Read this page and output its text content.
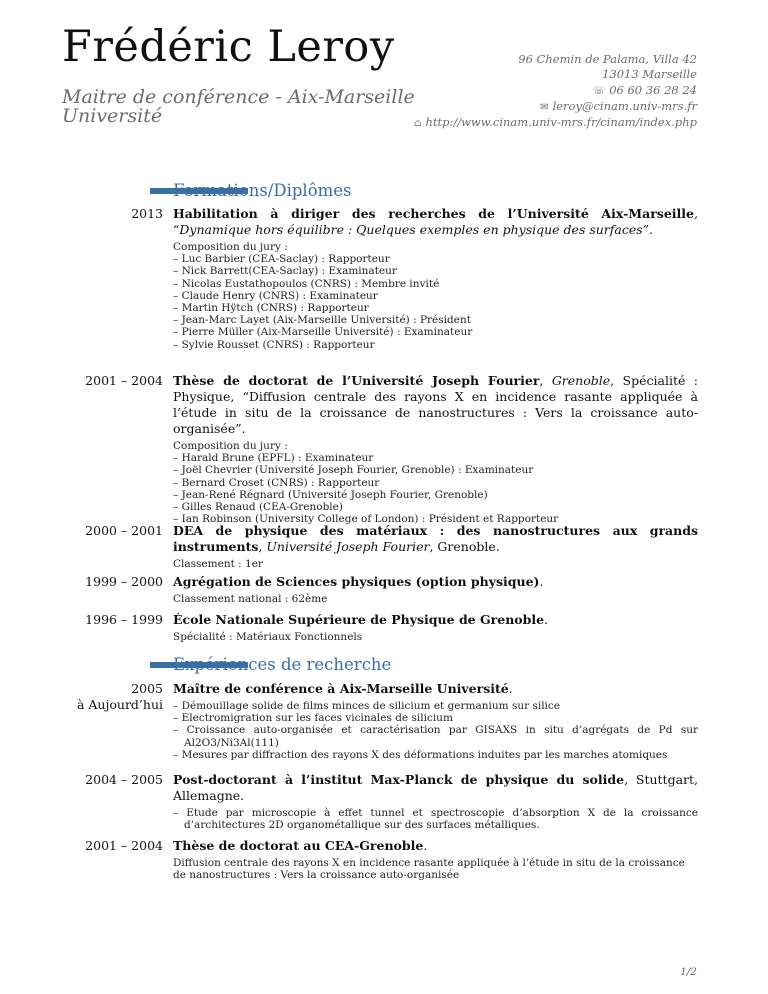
Frédéric Leroy
Maitre de conférence - Aix-Marseille Université
96 Chemin de Palama, Villa 42
13013 Marseille
☏ 06 60 36 28 24
✉ leroy@cinam.univ-mrs.fr
⌂ http://www.cinam.univ-mrs.fr/cinam/index.php
Formations/Diplômes
2013 Habilitation à diriger des recherches de l’Université Aix-Marseille, “Dynamique hors équilibre : Quelques exemples en physique des surfaces”.
Composition du jury :
– Luc Barbier (CEA-Saclay) : Rapporteur
– Nick Barrett(CEA-Saclay) : Examinateur
– Nicolas Eustathopoulos (CNRS) : Membre invité
– Claude Henry (CNRS) : Examinateur
– Martin Hÿtch (CNRS) : Rapporteur
– Jean-Marc Layet (Aix-Marseille Université) : Président
– Pierre Müller (Aix-Marseille Université) : Examinateur
– Sylvie Rousset (CNRS) : Rapporteur
2001 – 2004 Thèse de doctorat de l’Université Joseph Fourier, Grenoble, Spécialité : Physique, “Diffusion centrale des rayons X en incidence rasante appliquée à l’étude in situ de la croissance de nanostructures : Vers la croissance auto-organisée”.
Composition du jury :
– Harald Brune (EPFL) : Examinateur
– Joël Chevrier (Université Joseph Fourier, Grenoble) : Examinateur
– Bernard Croset (CNRS) : Rapporteur
– Jean-René Régnard (Université Joseph Fourier, Grenoble)
– Gilles Renaud (CEA-Grenoble)
– Ian Robinson (University College of London) : Président et Rapporteur
2000 – 2001 DEA de physique des matériaux : des nanostructures aux grands instruments, Université Joseph Fourier, Grenoble.
Classement : 1er
1999 – 2000 Agrégation de Sciences physiques (option physique).
Classement national : 62ème
1996 – 1999 École Nationale Supérieure de Physique de Grenoble.
Spécialité : Matériaux Fonctionnels
Expériences de recherche
2005
à Aujourd’hui
Maître de conférence à Aix-Marseille Université.
– Démouillage solide de films minces de silicium et germanium sur silice
– Electromigration sur les faces vicinales de silicium
– Croissance auto-organisée et caractérisation par GISAXS in situ d’agrégats de Pd sur Al2O3/Ni3Al(111)
– Mesures par diffraction des rayons X des déformations induites par les marches atomiques
2004 – 2005 Post-doctorant à l’institut Max-Planck de physique du solide, Stuttgart, Allemagne.
– Etude par microscopie à effet tunnel et spectroscopie d’absorption X de la croissance d’architectures 2D organométallique sur des surfaces métalliques.
2001 – 2004 Thèse de doctorat au CEA-Grenoble.
Diffusion centrale des rayons X en incidence rasante appliquée à l’étude in situ de la croissance de nanostructures : Vers la croissance auto-organisée
1/2
